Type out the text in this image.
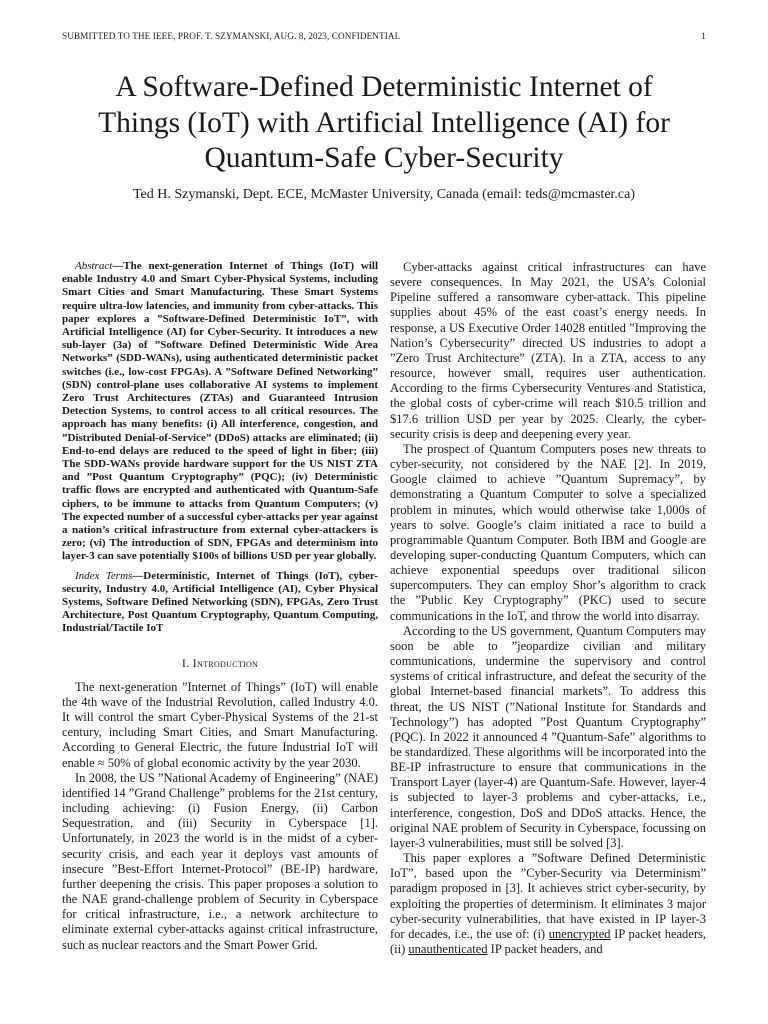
SUBMITTED TO THE IEEE, PROF. T. SZYMANSKI, AUG. 8, 2023, CONFIDENTIAL	1
A Software-Defined Deterministic Internet of
Things (IoT) with Artificial Intelligence (AI) for
Quantum-Safe Cyber-Security
Ted H. Szymanski, Dept. ECE, McMaster University, Canada (email: teds@mcmaster.ca)

Abstract—The next-generation Internet of Things (IoT) will enable Industry 4.0 and Smart Cyber-Physical Systems, including Smart Cities and Smart Manufacturing. These Smart Systems require ultra-low latencies, and immunity from cyber-attacks. This paper explores a ”Software-Defined Deterministic IoT”, with Artificial Intelligence (AI) for Cyber-Security. It introduces a new sub-layer (3a) of ”Software Defined Deterministic Wide Area Networks” (SDD-WANs), using authenticated deterministic packet switches (i.e., low-cost FPGAs). A ”Software Defined Networking” (SDN) control-plane uses collaborative AI systems to implement Zero Trust Architectures (ZTAs) and Guaranteed Intrusion Detection Systems, to control access to all critical resources. The approach has many benefits: (i) All interference, congestion, and ”Distributed Denial-of-Service” (DDoS) attacks are eliminated; (ii) End-to-end delays are reduced to the speed of light in fiber; (iii) The SDD-WANs provide hardware support for the US NIST ZTA and ”Post Quantum Cryptography” (PQC); (iv) Deterministic traffic flows are encrypted and authenticated with Quantum-Safe ciphers, to be immune to attacks from Quantum Computers; (v) The expected number of a successful cyber-attacks per year against a nation’s critical infrastructure from external cyber-attackers is zero; (vi) The introduction of SDN, FPGAs and determinism into layer-3 can save potentially $100s of billions USD per year globally.

Index Terms—Deterministic, Internet of Things (IoT), cyber-security, Industry 4.0, Artificial Intelligence (AI), Cyber Physical Systems, Software Defined Networking (SDN), FPGAs, Zero Trust Architecture, Post Quantum Cryptography, Quantum Computing, Industrial/Tactile IoT

I. Introduction

The next-generation ”Internet of Things” (IoT) will enable the 4th wave of the Industrial Revolution, called Industry 4.0. It will control the smart Cyber-Physical Systems of the 21-st century, including Smart Cities, and Smart Manufacturing. According to General Electric, the future Industrial IoT will enable ≈ 50% of global economic activity by the year 2030.

In 2008, the US ”National Academy of Engineering” (NAE) identified 14 ”Grand Challenge” problems for the 21st century, including achieving: (i) Fusion Energy, (ii) Carbon Sequestration, and (iii) Security in Cyberspace [1]. Unfortunately, in 2023 the world is in the midst of a cyber-security crisis, and each year it deploys vast amounts of insecure ”Best-Effort Internet-Protocol” (BE-IP) hardware, further deepening the crisis. This paper proposes a solution to the NAE grand-challenge problem of Security in Cyberspace for critical infrastructure, i.e., a network architecture to eliminate external cyber-attacks against critical infrastructure, such as nuclear reactors and the Smart Power Grid.

Cyber-attacks against critical infrastructures can have severe consequences. In May 2021, the USA’s Colonial Pipeline suffered a ransomware cyber-attack. This pipeline supplies about 45% of the east coast’s energy needs. In response, a US Executive Order 14028 entitled ”Improving the Nation’s Cybersecurity” directed US industries to adopt a ”Zero Trust Architecture” (ZTA). In a ZTA, access to any resource, however small, requires user authentication. According to the firms Cybersecurity Ventures and Statistica, the global costs of cyber-crime will reach $10.5 trillion and $17.6 trillion USD per year by 2025. Clearly, the cyber-security crisis is deep and deepening every year.

The prospect of Quantum Computers poses new threats to cyber-security, not considered by the NAE [2]. In 2019, Google claimed to achieve ”Quantum Supremacy”, by demonstrating a Quantum Computer to solve a specialized problem in minutes, which would otherwise take 1,000s of years to solve. Google’s claim initiated a race to build a programmable Quantum Computer. Both IBM and Google are developing super-conducting Quantum Computers, which can achieve exponential speedups over traditional silicon supercomputers. They can employ Shor’s algorithm to crack the ”Public Key Cryptography” (PKC) used to secure communications in the IoT, and throw the world into disarray.

According to the US government, Quantum Computers may soon be able to ”jeopardize civilian and military communications, undermine the supervisory and control systems of critical infrastructure, and defeat the security of the global Internet-based financial markets”. To address this threat, the US NIST (”National Institute for Standards and Technology”) has adopted ”Post Quantum Cryptography” (PQC). In 2022 it announced 4 ”Quantum-Safe” algorithms to be standardized. These algorithms will be incorporated into the BE-IP infrastructure to ensure that communications in the Transport Layer (layer-4) are Quantum-Safe. However, layer-4 is subjected to layer-3 problems and cyber-attacks, i.e., interference, congestion, DoS and DDoS attacks. Hence, the original NAE problem of Security in Cyberspace, focussing on layer-3 vulnerabilities, must still be solved [3].

This paper explores a ”Software Defined Deterministic IoT”, based upon the ”Cyber-Security via Determinism” paradigm proposed in [3]. It achieves strict cyber-security, by exploiting the properties of determinism. It eliminates 3 major cyber-security vulnerabilities, that have existed in IP layer-3 for decades, i.e., the use of: (i) unencrypted IP packet headers, (ii) unauthenticated IP packet headers, and
